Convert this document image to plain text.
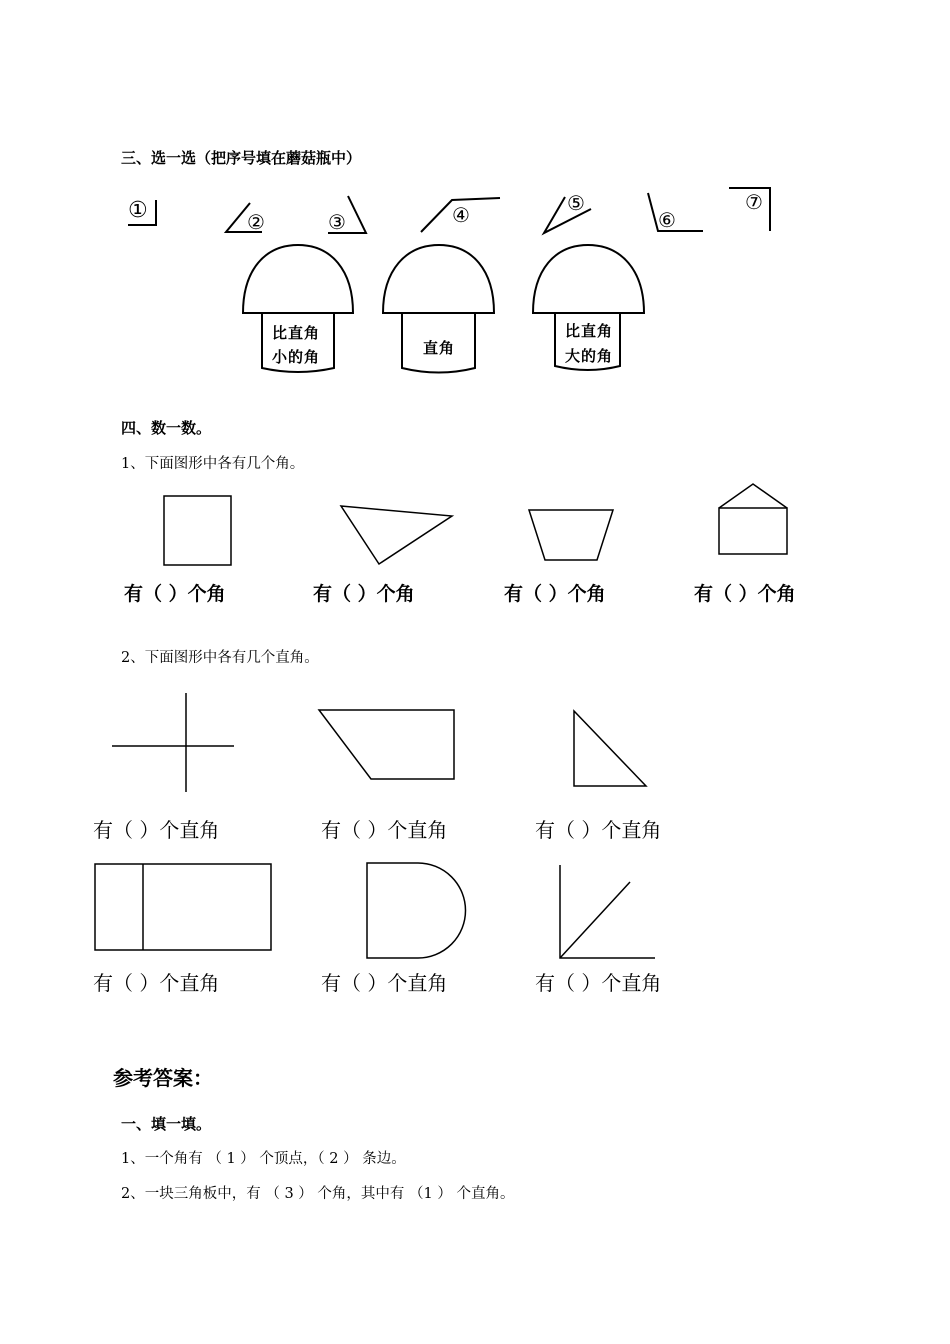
三、选一选（把序号填在蘑菇瓶中）
①	②	③	④	⑤
⑥
⑦
比直角
小的角	直角
比直角
大的角
四、数一数。
1、下面图形中各有几个角。
有（ ）个角	有（ ）个角	有（ ）个角	有（ ）个角
2、下面图形中各有几个直角。
有（ ）个直角	有（ ）个直角	有（ ）个直角
有（ ）个直角	有（ ）个直角	有（ ）个直角
参考答案：
一、填一填。
1、一个角有 （ 1 ） 个顶点，（ 2 ） 条边。
2、一块三角板中，有 （ 3 ） 个角，其中有 （1 ） 个直角。
